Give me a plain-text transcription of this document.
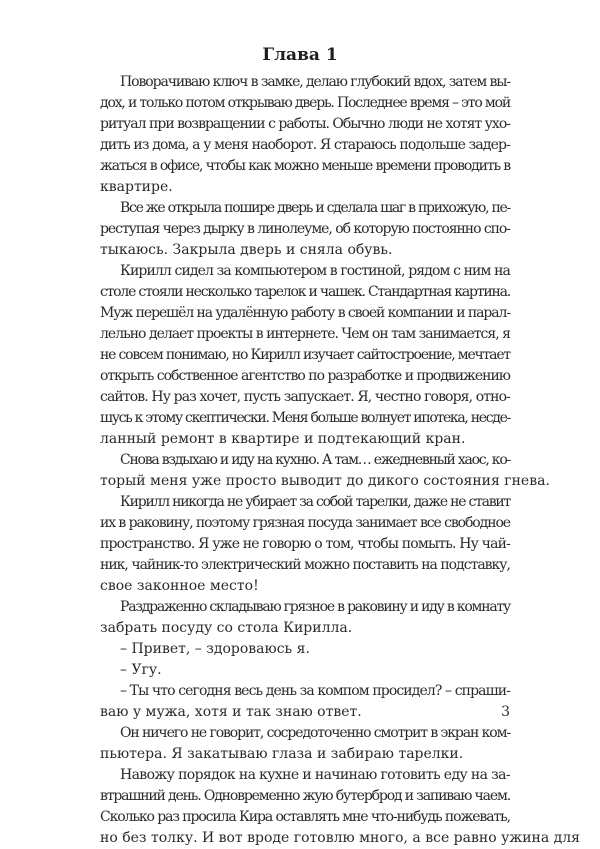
Глава 1
Поворачиваю ключ в замке, делаю глубокий вдох, затем вы-
дох, и только потом открываю дверь. Последнее время – это мой
ритуал при возвращении с работы. Обычно люди не хотят ухо-
дить из дома, а у меня наоборот. Я стараюсь подольше задер-
жаться в офисе, чтобы как можно меньше времени проводить в
квартире.
Все же открыла пошире дверь и сделала шаг в прихожую, пе-
реступая через дырку в линолеуме, об которую постоянно спо-
тыкаюсь. Закрыла дверь и сняла обувь.
Кирилл сидел за компьютером в гостиной, рядом с ним на
столе стояли несколько тарелок и чашек. Стандартная картина.
Муж перешёл на удалённую работу в своей компании и парал-
лельно делает проекты в интернете. Чем он там занимается, я
не совсем понимаю, но Кирилл изучает сайтостроение, мечтает
открыть собственное агентство по разработке и продвижению
сайтов. Ну раз хочет, пусть запускает. Я, честно говоря, отно-
шусь к этому скептически. Меня больше волнует ипотека, несде-
ланный ремонт в квартире и подтекающий кран.
Снова вздыхаю и иду на кухню. А там… ежедневный хаос, ко-
торый меня уже просто выводит до дикого состояния гнева.
Кирилл никогда не убирает за собой тарелки, даже не ставит
их в раковину, поэтому грязная посуда занимает все свободное
пространство. Я уже не говорю о том, чтобы помыть. Ну чай-
ник, чайник-то электрический можно поставить на подставку,
свое законное место!
Раздраженно складываю грязное в раковину и иду в комнату
забрать посуду со стола Кирилла.
– Привет, – здороваюсь я.
– Угу.
– Ты что сегодня весь день за компом просидел? – спраши-
ваю у мужа, хотя и так знаю ответ.
Он ничего не говорит, сосредоточенно смотрит в экран ком-
пьютера. Я закатываю глаза и забираю тарелки.
Навожу порядок на кухне и начинаю готовить еду на за-
втрашний день. Одновременно жую бутерброд и запиваю чаем.
Сколько раз просила Кира оставлять мне что-нибудь пожевать,
но без толку. И вот вроде готовлю много, а все равно ужина для
3
